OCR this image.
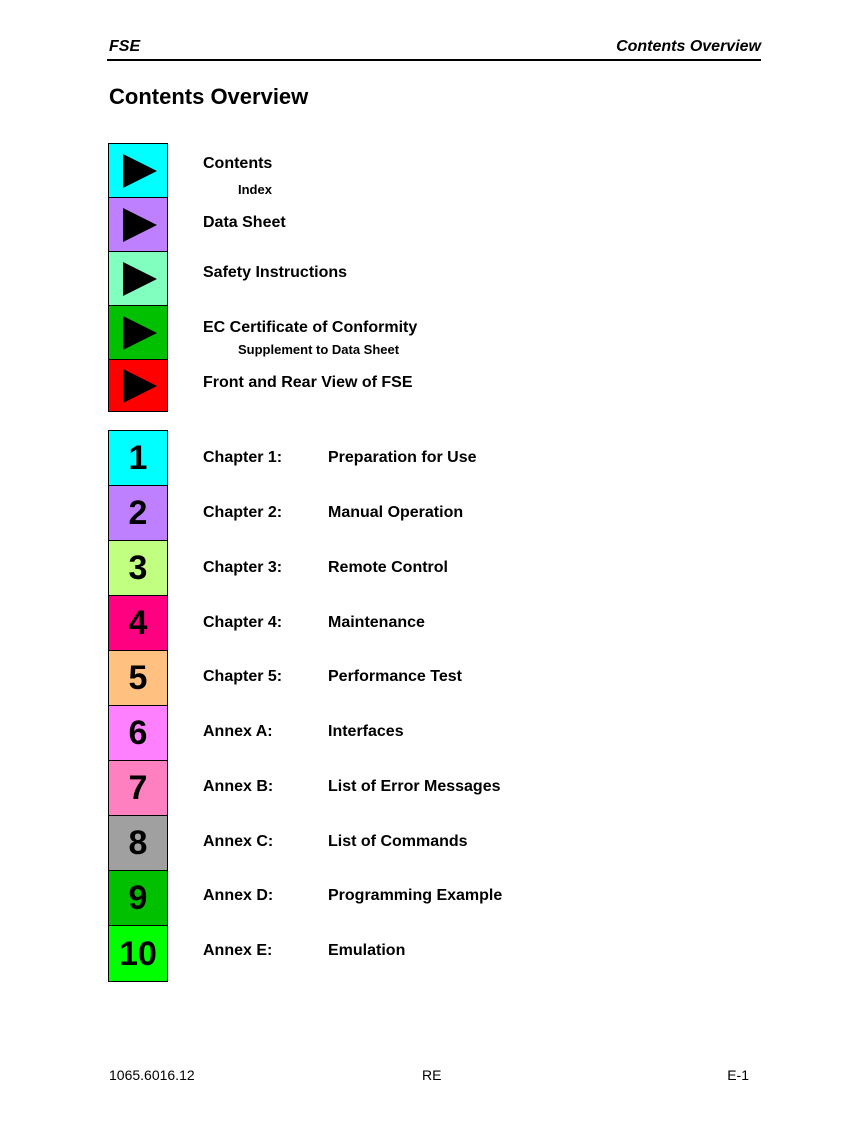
FSE	Contents Overview
Contents Overview
Contents
Index
Data Sheet
Safety Instructions
EC Certificate of Conformity
Supplement to Data Sheet
Front and Rear View of FSE
1	Chapter 1:	Preparation for Use
2	Chapter 2:	Manual Operation
3	Chapter 3:	Remote Control
4	Chapter 4:	Maintenance
5	Chapter 5:	Performance Test
6	Annex A:	Interfaces
7	Annex B:	List of Error Messages
8	Annex C:	List of Commands
9	Annex D:	Programming Example
10	Annex E:	Emulation
1065.6016.12	RE	E-1
